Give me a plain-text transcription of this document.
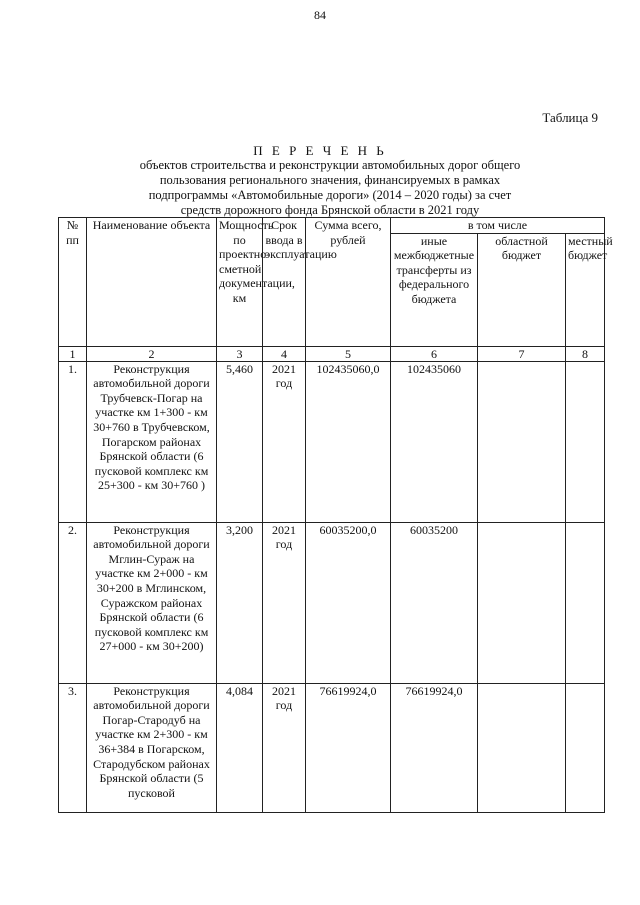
84
Таблица 9
П Е Р Е Ч Е Н Ь
объектов строительства и реконструкции автомобильных дорог общего пользования регионального значения, финансируемых в рамках подпрограммы «Автомобильные дороги» (2014 – 2020 годы) за счет средств дорожного фонда Брянской области в 2021 году
№ пп	Наименование объекта	Мощность по проектно-сметной документации, км	Срок ввода в эксплуатацию	Сумма всего, рублей	в том числе		
					иные межбюджетные трансферты из федерального бюджета	областной бюджет	местный бюджет
1	2	3	4	5	6	7	8
1.	Реконструкция автомобильной дороги Трубчевск-Погар на участке км 1+300 - км 30+760 в Трубчевском, Погарском районах Брянской области (6 пусковой комплекс км 25+300 - км 30+760 )	5,460	2021 год	102435060,0	102435060		
2.	Реконструкция автомобильной дороги Мглин-Сураж на участке км 2+000 - км 30+200 в Мглинском, Суражском районах Брянской области (6 пусковой комплекс км 27+000 - км 30+200)	3,200	2021 год	60035200,0	60035200		
3.	Реконструкция автомобильной дороги Погар-Стародуб на участке км 2+300 - км 36+384 в Погарском, Стародубском районах Брянской области (5 пусковой	4,084	2021 год	76619924,0	76619924,0		
